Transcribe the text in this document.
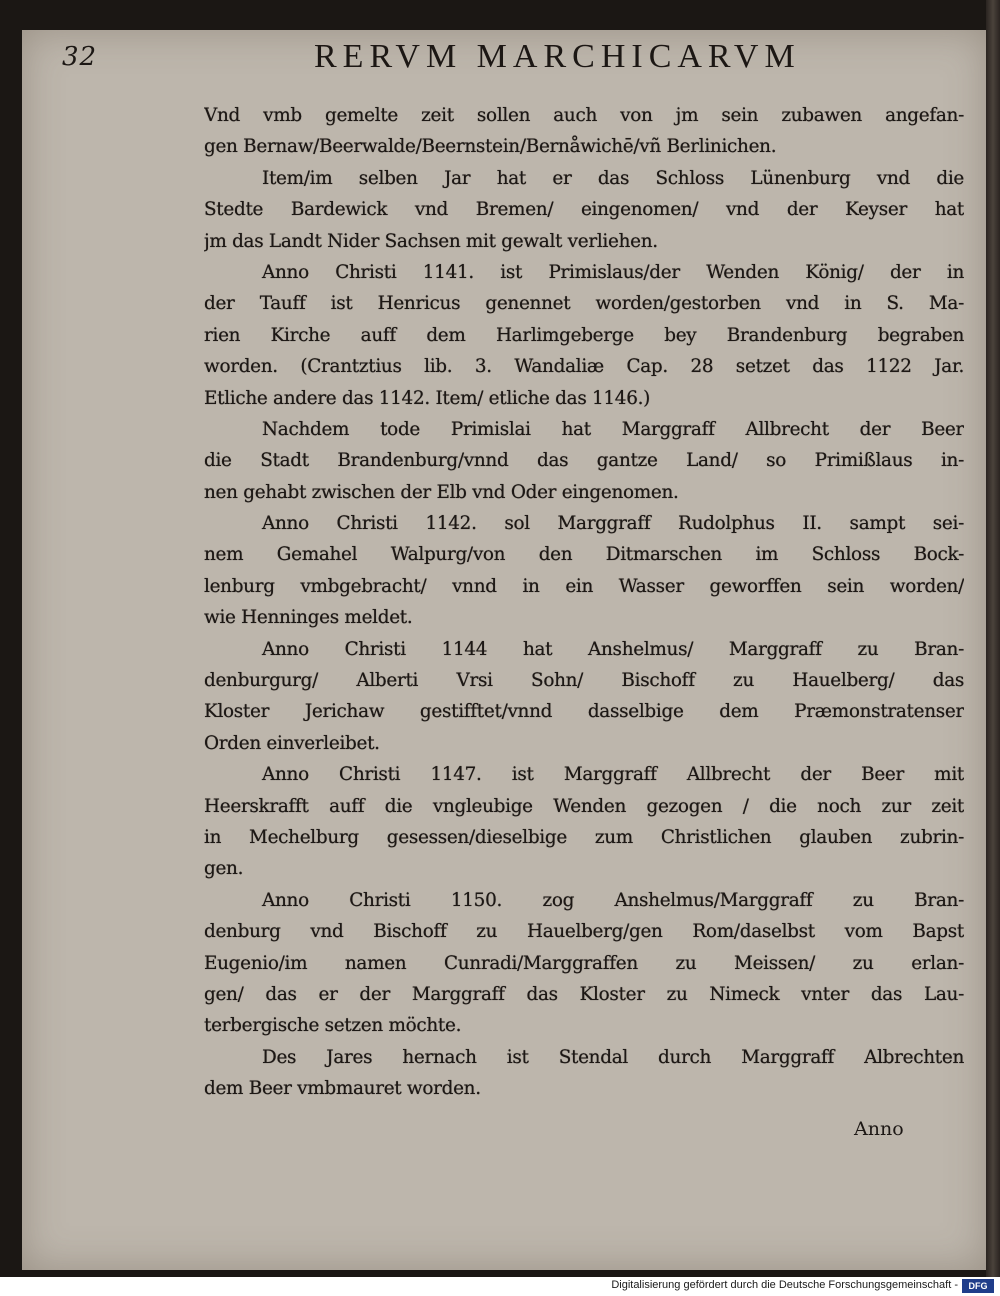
32	RERVM MARCHICARVM
Vnd vmb gemelte zeit sollen auch von jm sein zubawen angefan-
gen Bernaw/Beerwalde/Beernstein/Bernåwichē/vñ Berlinichen.
Item/im selben Jar hat er das Schloss Lünenburg vnd die
Stedte Bardewick vnd Bremen/ eingenomen/ vnd der Keyser hat
jm das Landt Nider Sachsen mit gewalt verliehen.
Anno Christi 1141. ist Primislaus/der Wenden König/ der in
der Tauff ist Henricus genennet worden/gestorben vnd in S. Ma-
rien Kirche auff dem Harlimgeberge bey Brandenburg begraben
worden. (Crantztius lib. 3. Wandaliæ Cap. 28 setzet das 1122 Jar.
Etliche andere das 1142. Item/ etliche das 1146.)
Nachdem tode Primislai hat Marggraff Allbrecht der Beer
die Stadt Brandenburg/vnnd das gantze Land/ so Primißlaus in-
nen gehabt zwischen der Elb vnd Oder eingenomen.
Anno Christi 1142. sol Marggraff Rudolphus II. sampt sei-
nem Gemahel Walpurg/von den Ditmarschen im Schloss Bock-
lenburg vmbgebracht/ vnnd in ein Wasser geworffen sein worden/
wie Henninges meldet.
Anno Christi 1144 hat Anshelmus/ Marggraff zu Bran-
denburgurg/ Alberti Vrsi Sohn/ Bischoff zu Hauelberg/ das
Kloster Jerichaw gestifftet/vnnd dasselbige dem Præmonstratenser
Orden einverleibet.
Anno Christi 1147. ist Marggraff Allbrecht der Beer mit
Heerskrafft auff die vngleubige Wenden gezogen / die noch zur zeit
in Mechelburg gesessen/dieselbige zum Christlichen glauben zubrin-
gen.
Anno Christi 1150. zog Anshelmus/Marggraff zu Bran-
denburg vnd Bischoff zu Hauelberg/gen Rom/daselbst vom Bapst
Eugenio/im namen Cunradi/Marggraffen zu Meissen/ zu erlan-
gen/ das er der Marggraff das Kloster zu Nimeck vnter das Lau-
terbergische setzen möchte.
Des Jares hernach ist Stendal durch Marggraff Albrechten
dem Beer vmbmauret worden.
Anno
Digitalisierung gefördert durch die Deutsche Forschungsgemeinschaft -	DFG
